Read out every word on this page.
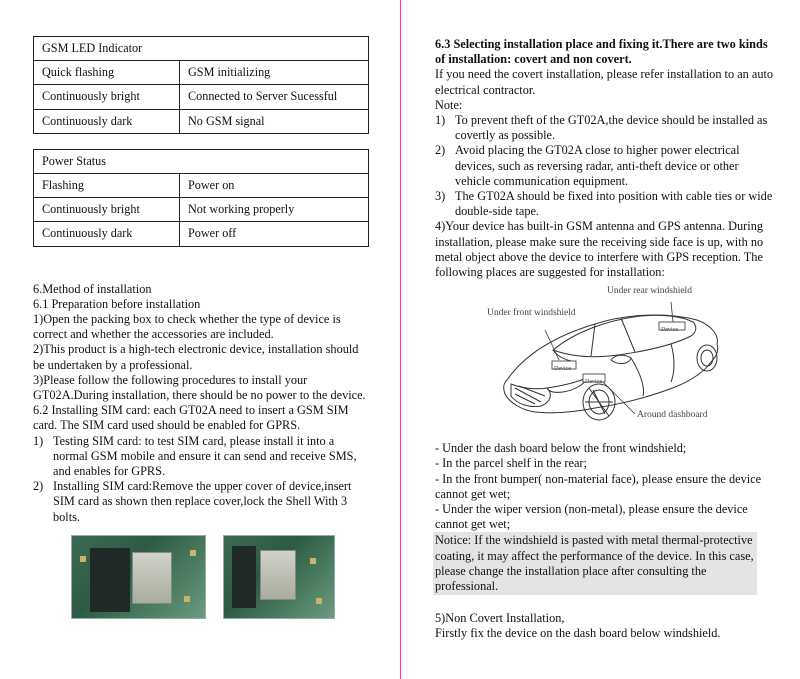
GSM LED Indicator	
Quick flashing	GSM initializing
Continuously bright	Connected to Server Sucessful
Continuously dark	No GSM signal
Power Status	
Flashing	Power on
Continuously bright	Not working properly
Continuously dark	Power off
6.Method of installation
6.1 Preparation before installation
1)Open the packing box to check whether the type of device is correct and whether the accessories are included.
2)This product is a high-tech electronic device, installation should be undertaken by a professional.
3)Please follow the following procedures to install your GT02A.During installation, there should be no power to the device.
6.2 Installing SIM card: each GT02A need to insert a GSM SIM card. The SIM card used should be enabled for GPRS.
1) Testing SIM card: to test SIM card, please install it into a normal GSM mobile and ensure it can send and receive SMS, and enables for GPRS.
2) Installing SIM card:Remove the upper cover of device,insert SIM card as shown then replace cover,lock the Shell With 3 bolts.
6.3 Selecting installation place and fixing it.There are two kinds of installation: covert and non covert.
If you need the covert installation, please refer installation to an auto electrical contractor.
Note:
1) To prevent theft of the GT02A,the device should be installed as covertly as possible.
2) Avoid placing the GT02A close to higher power electrical devices, such as reversing radar, anti-theft device or other vehicle communication equipment.
3) The GT02A should be fixed into position with cable ties or wide double-side tape.
4)Your device has built-in GSM antenna and GPS antenna. During installation, please make sure the receiving side face is up, with no metal object above the device to interfere with GPS reception. The following places are suggested for installation:
Under rear windshield
Under front windshield
Around dashboard
Device
Device
Device
- Under the dash board below the front windshield;
- In the parcel shelf in the rear;
- In the front bumper( non-material face), please ensure the device cannot get wet;
- Under the wiper version (non-metal), please ensure the device cannot get wet;
Notice: If the windshield is pasted with metal thermal-protective coating, it may affect the performance of the device. In this case, please change the installation place after consulting the professional.
5)Non Covert Installation,
Firstly fix the device on the dash board below windshield.
